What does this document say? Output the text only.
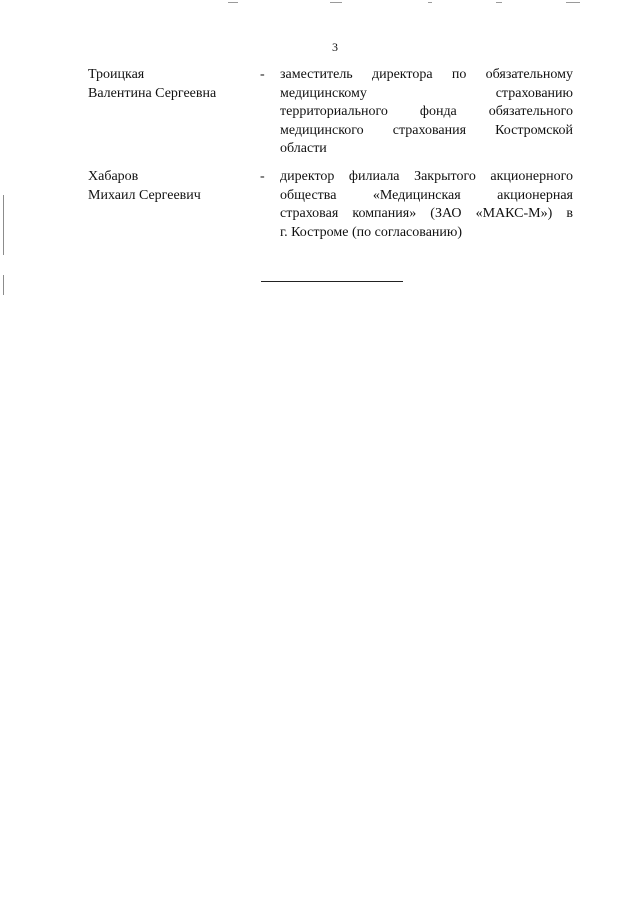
3
Троицкая
Валентина Сергеевна
- заместитель директора по обязательному
медицинскому страхованию
территориального фонда обязательного
медицинского страхования Костромской
области
Хабаров
Михаил Сергеевич
- директор филиала Закрытого акционерного
общества «Медицинская акционерная
страховая компания» (ЗАО «МАКС-М») в
г. Костроме (по согласованию)
